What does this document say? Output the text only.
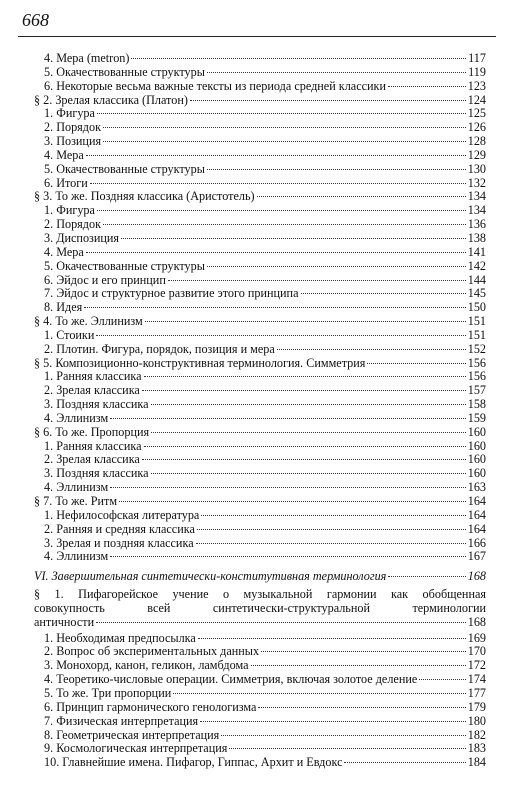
668
4. Мера (metron)	117
5. Окачествованные структуры	119
6. Некоторые весьма важные тексты из периода средней классики	123
§ 2. Зрелая классика (Платон)	124
1. Фигура	125
2. Порядок	126
3. Позиция	128
4. Мера	129
5. Окачествованные структуры	130
6. Итоги	132
§ 3. То же. Поздняя классика (Аристотель)	134
1. Фигура	134
2. Порядок	136
3. Диспозиция	138
4. Мера	141
5. Окачествованные структуры	142
6. Эйдос и его принцип	144
7. Эйдос и структурное развитие этого принципа	145
8. Идея	150
§ 4. То же. Эллинизм	151
1. Стоики	151
2. Плотин. Фигура, порядок, позиция и мера	152
§ 5. Композиционно-конструктивная терминология. Симметрия	156
1. Ранняя классика	156
2. Зрелая классика	157
3. Поздняя классика	158
4. Эллинизм	159
§ 6. То же. Пропорция	160
1. Ранняя классика	160
2. Зрелая классика	160
3. Поздняя классика	160
4. Эллинизм	163
§ 7. То же. Ритм	164
1. Нефилософская литература	164
2. Ранняя и средняя классика	164
3. Зрелая и поздняя классика	166
4. Эллинизм	167
VI. Завершительная синтетически-конститутивная терминология	168
§ 1. Пифагорейское учение о музыкальной гармонии как обобщенная
совокупность всей синтетически-структуральной терминологии
античности	168
1. Необходимая предпосылка	169
2. Вопрос об экспериментальных данных	170
3. Монохорд, канон, геликон, ламбдома	172
4. Теоретико-числовые операции. Симметрия, включая золотое деление	174
5. То же. Три пропорции	177
6. Принцип гармонического генологизма	179
7. Физическая интерпретация	180
8. Геометрическая интерпретация	182
9. Космологическая интерпретация	183
10. Главнейшие имена. Пифагор, Гиппас, Архит и Евдокс	184
